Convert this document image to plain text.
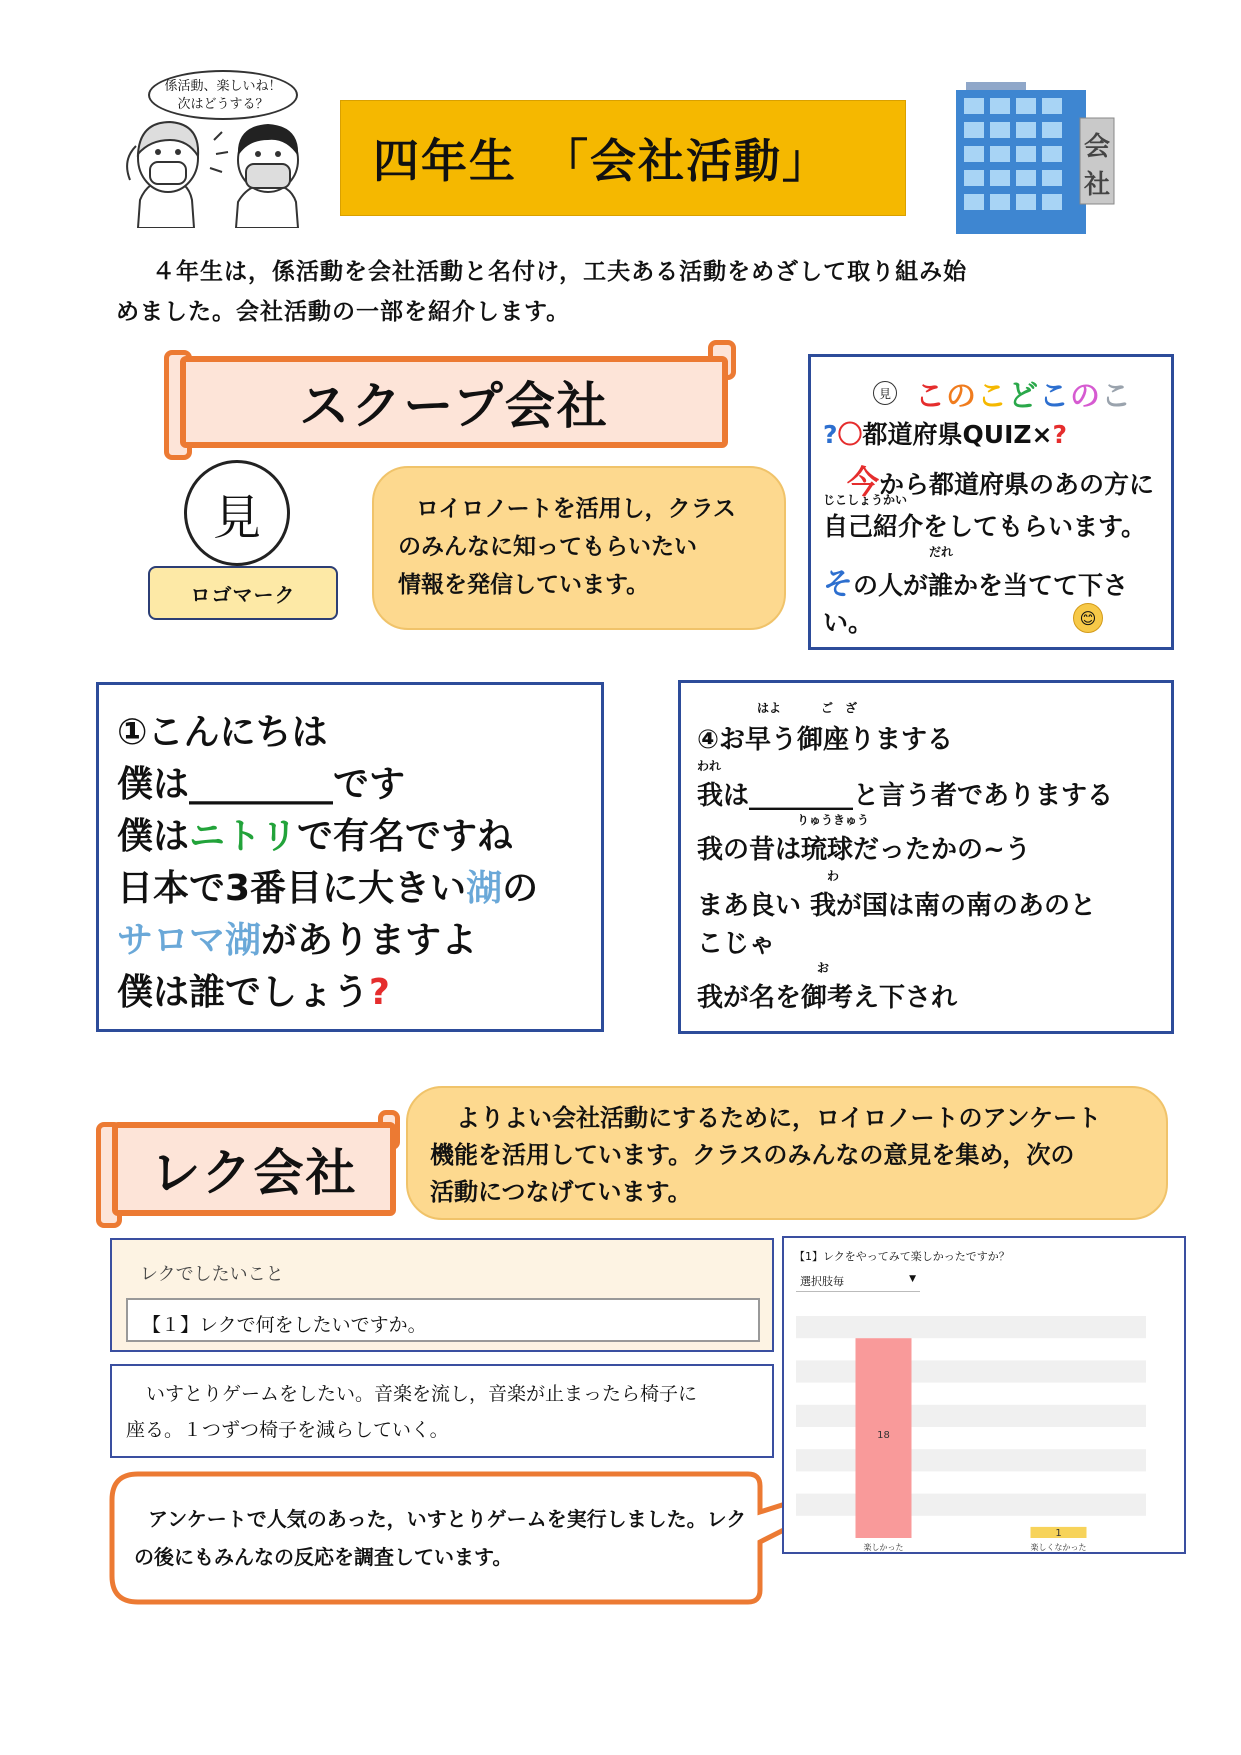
係活動、楽しいね！
次はどうする？
四年生　「会社活動」	会
社
４年生は，係活動を会社活動と名付け，工夫ある活動をめざして取り組み始
めました。会社活動の一部を紹介します。
スクープ会社
見
ロゴマーク
ロイロノートを活用し，クラス
のみんなに知ってもらいたい
情報を発信しています。
見 このこどこのこ
?〇都道府県QUIZ×?
今から都道府県のあの方に
じこしょうかい
自己紹介をしてもらいます。
だれ
その人が誰かを当てて下さ
い。	😊
①こんにちは
僕は________です
僕はニトリで有名ですね
日本で3番目に大きい湖の
サロマ湖がありますよ
僕は誰でしょう?
はよ	ご　ざ
④お早う御座りまする
われ
我は________と言う者でありまする
りゅうきゅう
我の昔は琉球だったかの~う
わ
まあ良い 我が国は南の南のあのと
こじゃ
お
我が名を御考え下され
レク会社
よりよい会社活動にするために，ロイロノートのアンケート
機能を活用しています。クラスのみんなの意見を集め，次の
活動につなげています。
レクでしたいこと
【１】レクで何をしたいですか。
いすとりゲームをしたい。音楽を流し，音楽が止まったら椅子に
座る。１つずつ椅子を減らしていく。
アンケートで人気のあった，いすとりゲームを実行しました。レク
の後にもみんなの反応を調査しています。
【1】レクをやってみて楽しかったですか？
選択肢毎	▼
18
楽しかった
1
楽しくなかった
